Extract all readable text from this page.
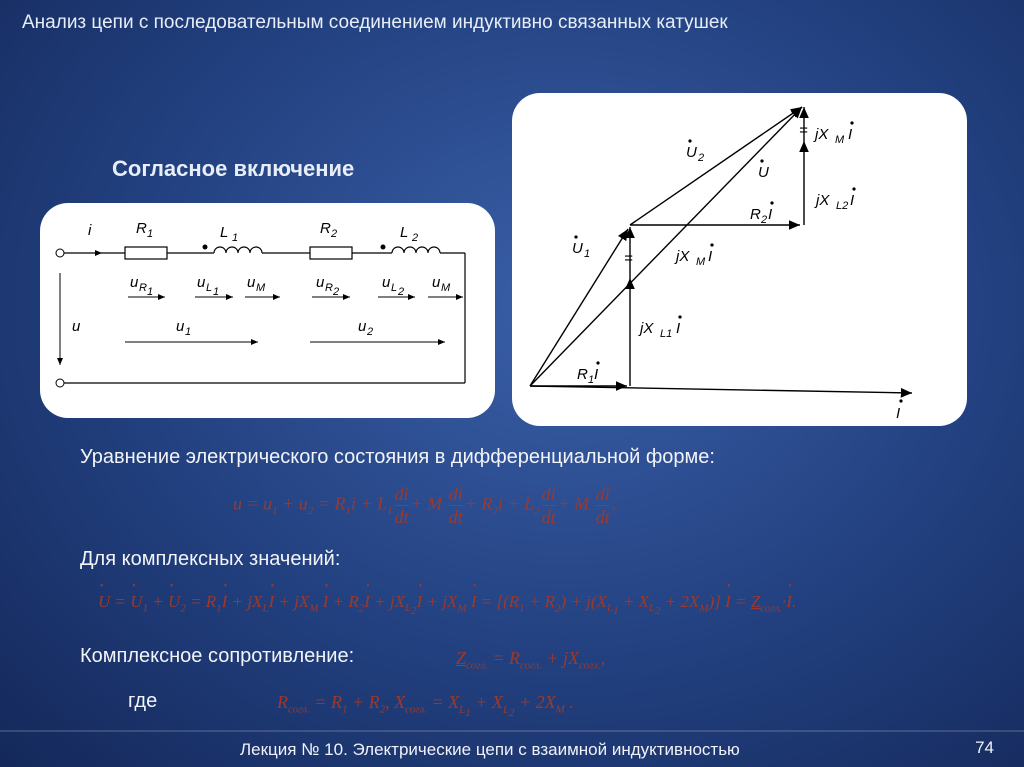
Анализ цепи с последовательным соединением индуктивно связанных катушек
Согласное включение
i	R 1	L 1
R 2	L 2
u R 1
u L 1
u M	u R 2
u L 2
u M
u	u 1	u 2
=
=
I
R 1 I
jX L1 I
jX M I
U 1
R 2 I
jX L2 I
jX M I
U 2
U
Уравнение электрического состояния в дифференциальной форме:
$u = u_1 + u_2 = R_1i + L_1 \frac{di}{dt} + M \frac{di}{dt} + R_2i + L_2 \frac{di}{dt} + M \frac{di}{dt}$ .
Для комплексных значений:
• U = • $U_1$ + • $U_2$ = $R_1•$ $I + jX_L•$ $I + jX_M$ • $I + R_2•$ $I + jX_{L_2}•$ $I + jX_M$ • $I = [(R_1 + R_2) + j(X_{L_1} + X_{L_2} + 2X_M)]$ • $I = Z_{согл.}\cdot•$ I.
Комплексное сопротивление:	$Z_{согл.} = R_{согл.} + jX_{согл.}$,
где	$R_{согл.} = R_1 + R_2$, $X_{согл.} = X_{L_1} + X_{L_2} + 2X_M$ .
Лекция № 10. Электрические цепи с взаимной индуктивностью	74
